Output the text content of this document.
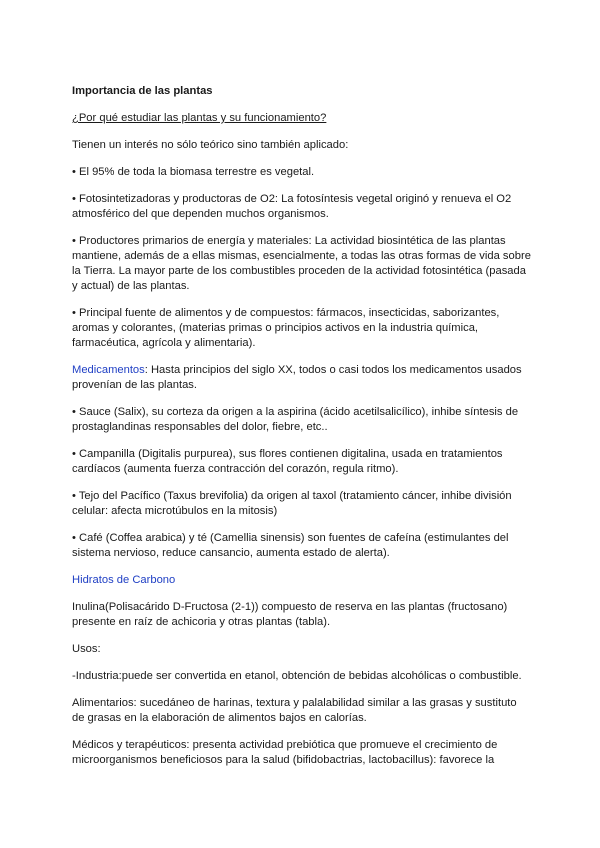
Importancia de las plantas

¿Por qué estudiar las plantas y su funcionamiento?

Tienen un interés no sólo teórico sino también aplicado:

• El 95% de toda la biomasa terrestre es vegetal.

• Fotosintetizadoras y productoras de O2: La fotosíntesis vegetal originó y renueva el O2

atmosférico del que dependen muchos organismos.

• Productores primarios de energía y materiales: La actividad biosintética de las plantas

mantiene, además de a ellas mismas, esencialmente, a todas las otras formas de vida sobre

la Tierra. La mayor parte de los combustibles proceden de la actividad fotosintética (pasada

y actual) de las plantas.

• Principal fuente de alimentos y de compuestos: fármacos, insecticidas, saborizantes,

aromas y colorantes, (materias primas o principios activos en la industria química,

farmacéutica, agrícola y alimentaria).

Medicamentos: Hasta principios del siglo XX, todos o casi todos los medicamentos usados

provenían de las plantas.

• Sauce (Salix), su corteza da origen a la aspirina (ácido acetilsalicílico), inhibe síntesis de

prostaglandinas responsables del dolor, fiebre, etc..

• Campanilla (Digitalis purpurea), sus flores contienen digitalina, usada en tratamientos

cardíacos (aumenta fuerza contracción del corazón, regula ritmo).

• Tejo del Pacífico (Taxus brevifolia) da origen al taxol (tratamiento cáncer, inhibe división

celular: afecta microtúbulos en la mitosis)

• Café (Coffea arabica) y té (Camellia sinensis) son fuentes de cafeína (estimulantes del

sistema nervioso, reduce cansancio, aumenta estado de alerta).

Hidratos de Carbono

Inulina(Polisacárido D-Fructosa (2-1)) compuesto de reserva en las plantas (fructosano)

presente en raíz de achicoria y otras plantas (tabla).

Usos:

-Industria:puede ser convertida en etanol, obtención de bebidas alcohólicas o combustible.

Alimentarios: sucedáneo de harinas, textura y palalabilidad similar a las grasas y sustituto

de grasas en la elaboración de alimentos bajos en calorías.

Médicos y terapéuticos: presenta actividad prebiótica que promueve el crecimiento de

microorganismos beneficiosos para la salud (bifidobactrias, lactobacillus): favorece la
